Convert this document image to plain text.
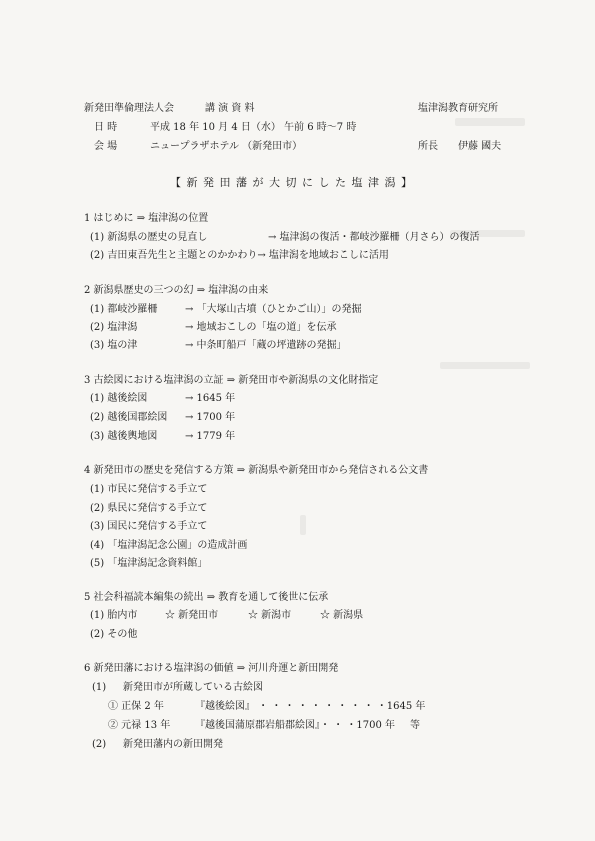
新発田準倫理法人会	講 演 資 料	塩津潟教育研究所
日 時	平成 18 年 10 月 4 日（水） 午前 6 時～7 時
会 場	ニュープラザホテル （新発田市）	所長 伊藤 國夫
【 新 発 田 藩 が 大 切 に し た 塩 津 潟 】
1 はじめに ⇒ 塩津潟の位置
(1) 新潟県の歴史の見直し	→ 塩津潟の復活・都岐沙羅柵（月さら）の復活
(2) 吉田東吾先生と主題とのかかわり→ 塩津潟を地域おこしに活用
2 新潟県歴史の三つの幻 ⇒ 塩津潟の由来
(1) 都岐沙羅柵	→ 「大塚山古墳（ひとかご山）」の発掘
(2) 塩津潟	→ 地域おこしの「塩の道」を伝承
(3) 塩の津	→ 中条町船戸「蔵の坪遺跡の発掘」
3 古絵図における塩津潟の立証 ⇒ 新発田市や新潟県の文化財指定
(1) 越後絵図	→ 1645 年
(2) 越後国郡絵図 → 1700 年
(3) 越後輿地図	→ 1779 年
4 新発田市の歴史を発信する方策 ⇒ 新潟県や新発田市から発信される公文書
(1) 市民に発信する手立て
(2) 県民に発信する手立て
(3) 国民に発信する手立て
(4) 「塩津潟記念公園」の造成計画
(5) 「塩津潟記念資料館」
5 社会科福読本編集の続出 ⇒ 教育を通して後世に伝承
(1) 胎内市	☆ 新発田市	☆ 新潟市	☆ 新潟県
(2) その他
6 新発田藩における塩津潟の価値 ⇒ 河川舟運と新田開発
(1) 新発田市が所蔵している古絵図
① 正保 2 年	『越後絵図』 ・ ・ ・ ・ ・ ・ ・ ・ ・ ・1645 年
② 元禄 13 年 『越後国蒲原郡岩船郡絵図』・ ・ ・1700 年 等
(2) 新発田藩内の新田開発
